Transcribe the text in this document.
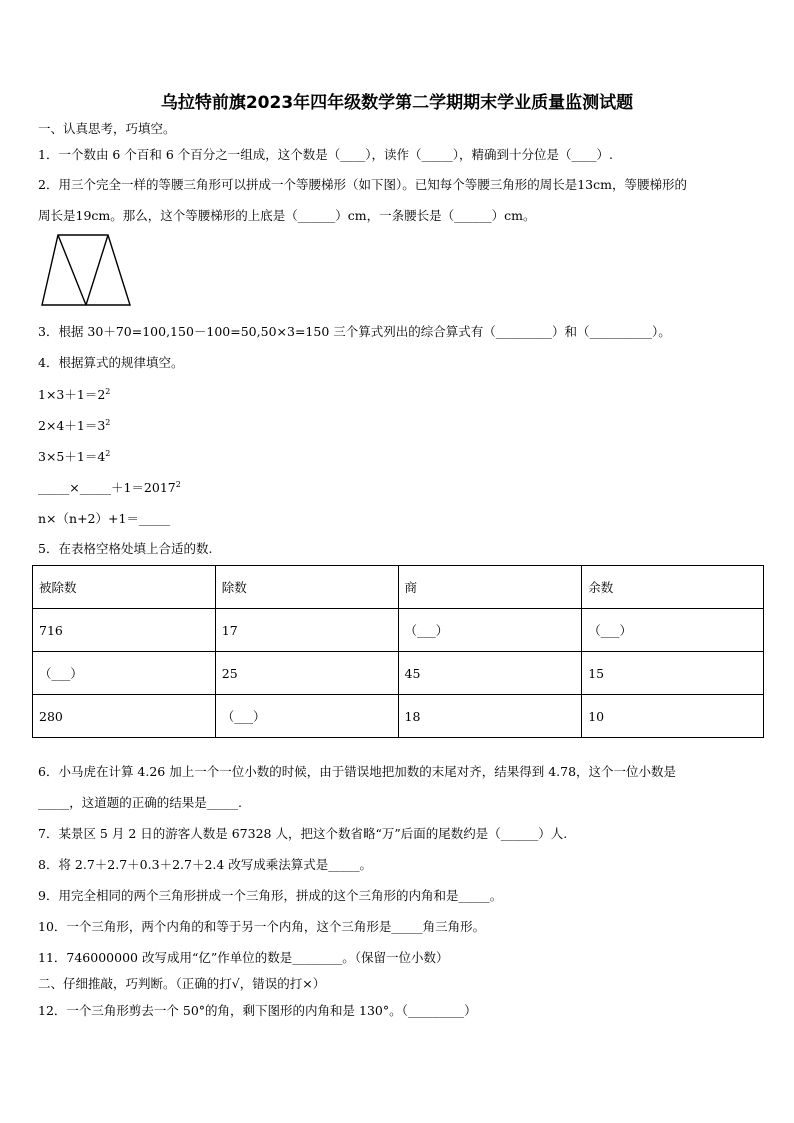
乌拉特前旗2023年四年级数学第二学期期末学业质量监测试题
一、认真思考，巧填空。
1．一个数由 6 个百和 6 个百分之一组成，这个数是（____），读作（_____），精确到十分位是（____）.
2．用三个完全一样的等腰三角形可以拼成一个等腰梯形（如下图）。已知每个等腰三角形的周长是13cm，等腰梯形的
周长是19cm。那么，这个等腰梯形的上底是（______）cm，一条腰长是（______）cm。
3．根据 30＋70=100,150－100=50,50×3=150 三个算式列出的综合算式有（_________）和（__________）。
4．根据算式的规律填空。
$1\times 3+1=2^2$
$2\times 4+1=3^2$
$3\times 5+1=4^2$
$\_\_\_\_\_\times\_\_\_\_\_+1=2017^2$
n×（n+2）+1＝_____
5．在表格空格处填上合适的数.
被除数	除数	商	余数
716	17	（___）	（___）
（___）	25	45	15
280	（___）	18	10
6．小马虎在计算 4.26 加上一个一位小数的时候，由于错误地把加数的末尾对齐，结果得到 4.78，这个一位小数是
_____，这道题的正确的结果是_____.
7．某景区 5 月 2 日的游客人数是 67328 人，把这个数省略“万”后面的尾数约是（______）人.
8．将 2.7＋2.7＋0.3＋2.7＋2.4 改写成乘法算式是_____。
9．用完全相同的两个三角形拼成一个三角形，拼成的这个三角形的内角和是_____。
10．一个三角形，两个内角的和等于另一个内角，这个三角形是_____角三角形。
11．746000000 改写成用“亿”作单位的数是________。（保留一位小数）
二、仔细推敲，巧判断。（正确的打√，错误的打×）
12．一个三角形剪去一个 50°的角，剩下图形的内角和是 130°。（_________）
